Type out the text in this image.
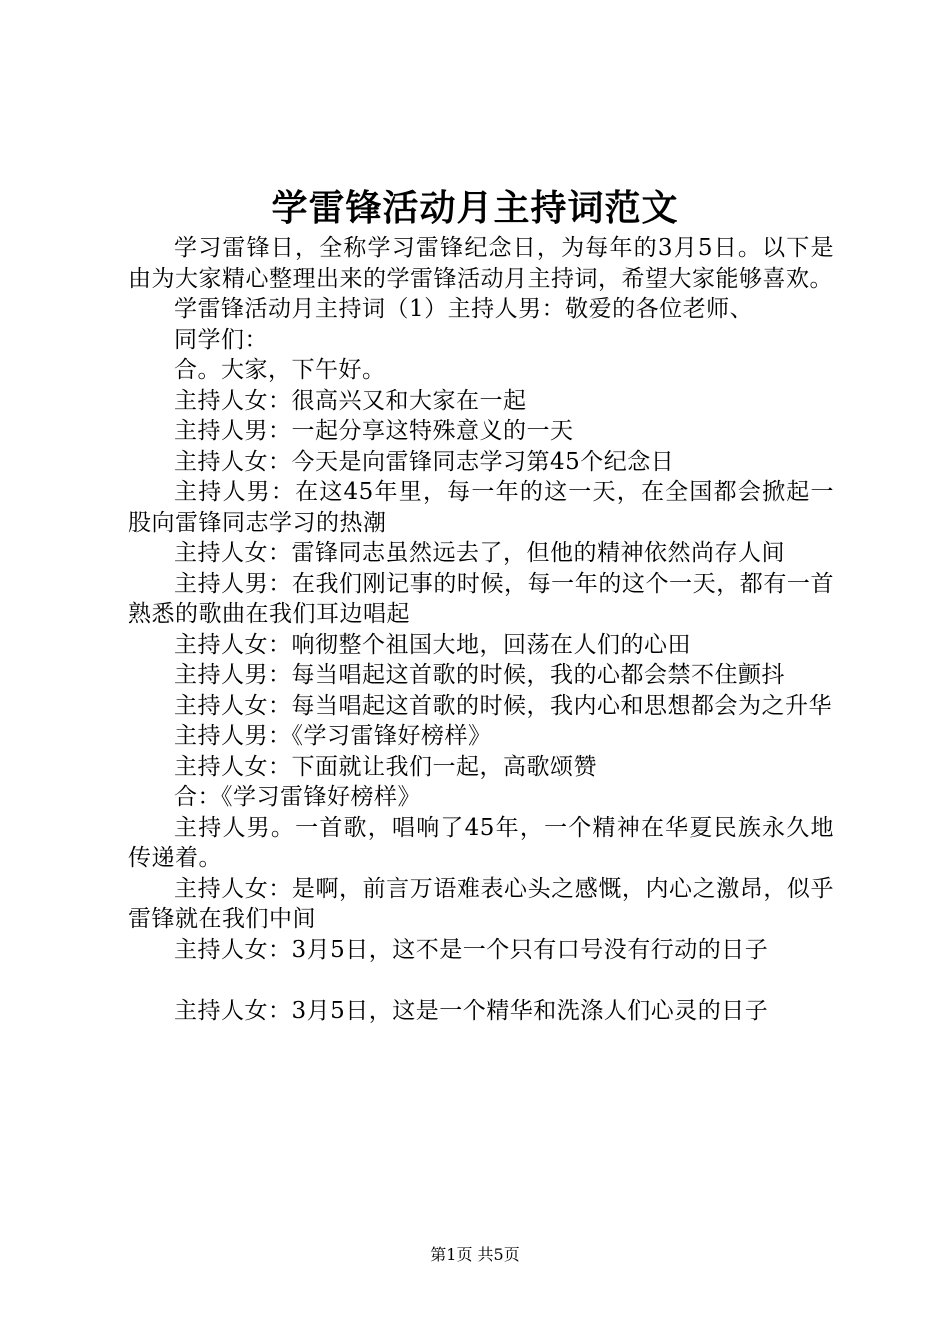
学雷锋活动月主持词范文

学习雷锋日，全称学习雷锋纪念日，为每年的3月5日。以下是由为大家精心整理出来的学雷锋活动月主持词，希望大家能够喜欢。

学雷锋活动月主持词（1）主持人男：敬爱的各位老师、

同学们：

合。大家，下午好。

主持人女：很高兴又和大家在一起

主持人男：一起分享这特殊意义的一天

主持人女：今天是向雷锋同志学习第45个纪念日

主持人男：在这45年里，每一年的这一天，在全国都会掀起一股向雷锋同志学习的热潮

主持人女：雷锋同志虽然远去了，但他的精神依然尚存人间

主持人男：在我们刚记事的时候，每一年的这个一天，都有一首熟悉的歌曲在我们耳边唱起

主持人女：响彻整个祖国大地，回荡在人们的心田

主持人男：每当唱起这首歌的时候，我的心都会禁不住颤抖

主持人女：每当唱起这首歌的时候，我内心和思想都会为之升华

主持人男：《学习雷锋好榜样》

主持人女：下面就让我们一起，高歌颂赞

合：《学习雷锋好榜样》

主持人男。一首歌，唱响了45年，一个精神在华夏民族永久地传递着。

主持人女：是啊，前言万语难表心头之感慨，内心之激昂，似乎雷锋就在我们中间

主持人女：3月5日，这不是一个只有口号没有行动的日子

主持人女：3月5日，这是一个精华和洗涤人们心灵的日子

第1页 共5页
